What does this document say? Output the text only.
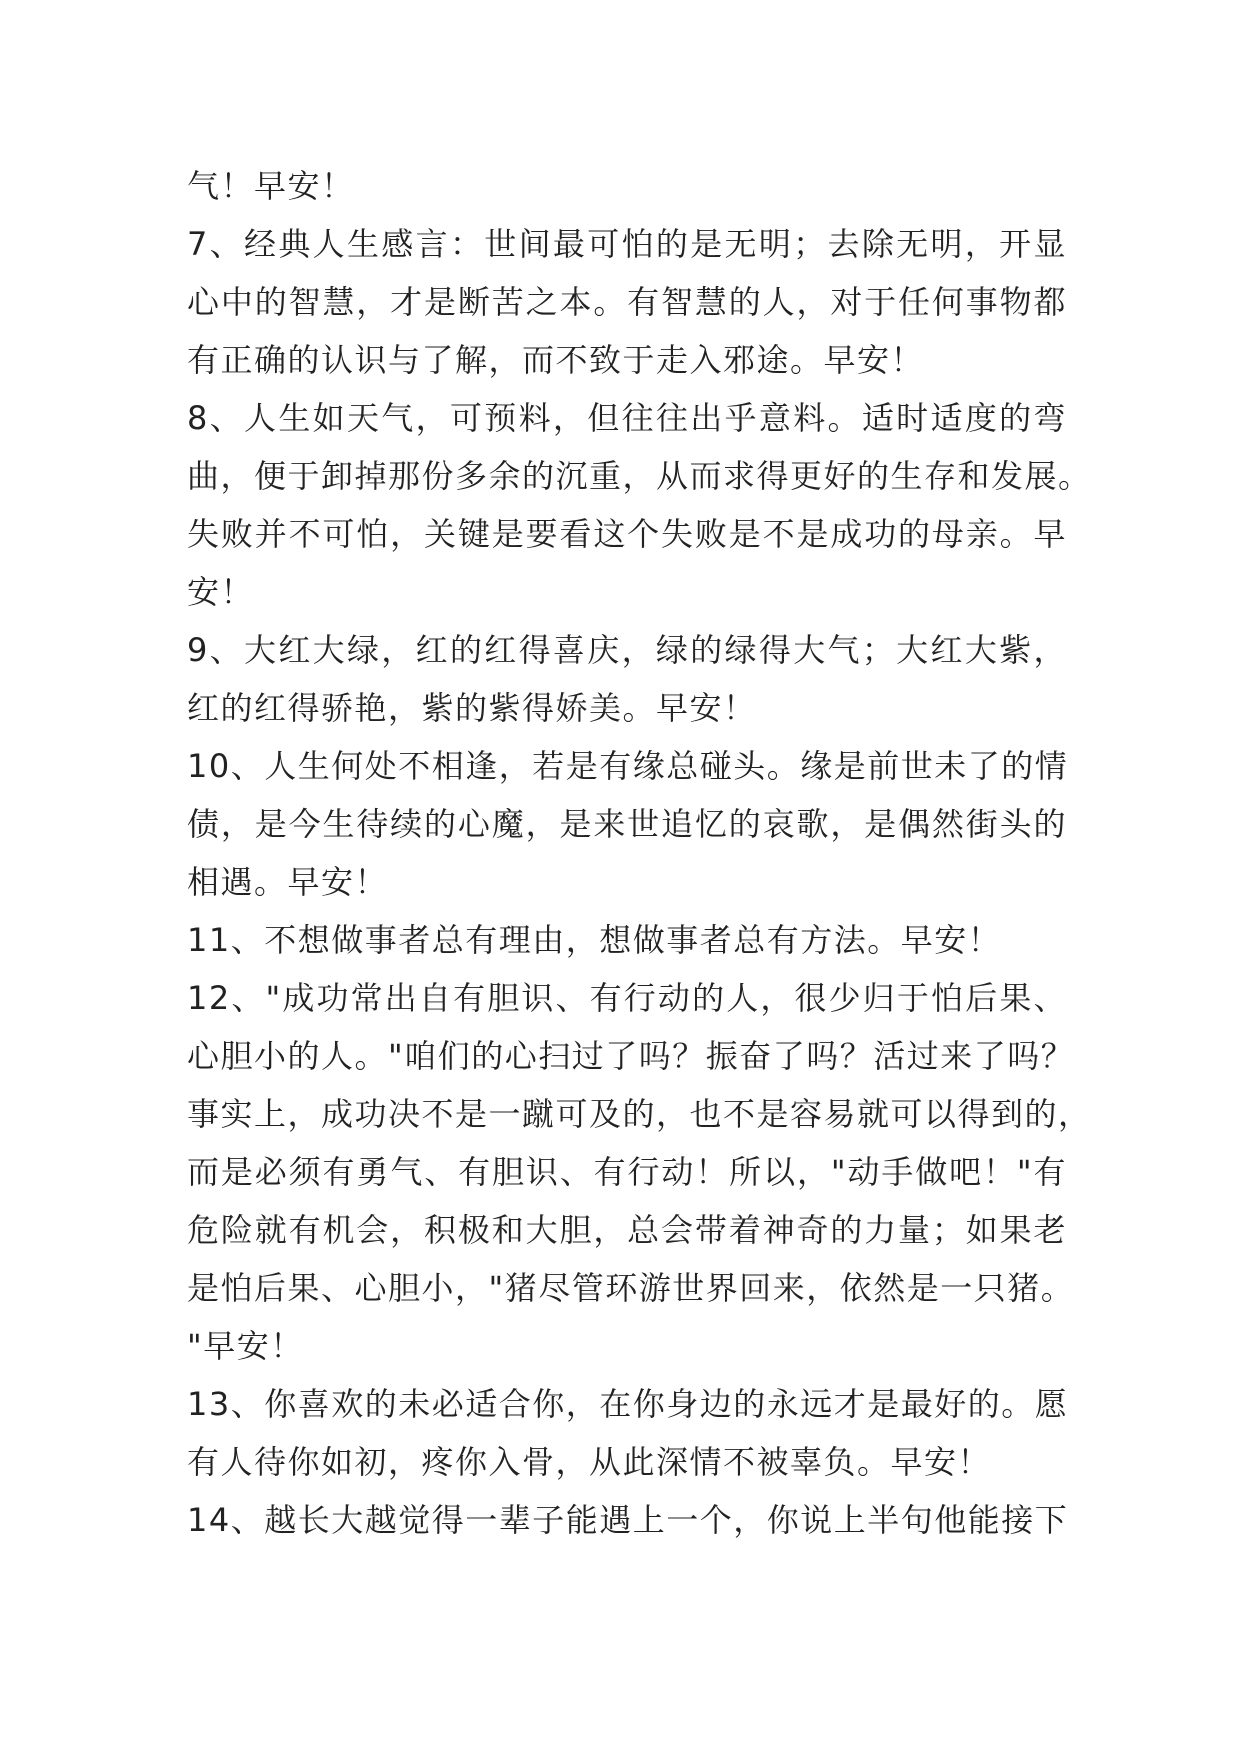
气！早安！
7、经典人生感言：世间最可怕的是无明；去除无明，开显
心中的智慧，才是断苦之本。有智慧的人，对于任何事物都
有正确的认识与了解，而不致于走入邪途。早安！
8、人生如天气，可预料，但往往出乎意料。适时适度的弯
曲，便于卸掉那份多余的沉重，从而求得更好的生存和发展。
失败并不可怕，关键是要看这个失败是不是成功的母亲。早
安！
9、大红大绿，红的红得喜庆，绿的绿得大气；大红大紫，
红的红得骄艳，紫的紫得娇美。早安！
10、人生何处不相逢，若是有缘总碰头。缘是前世未了的情
债，是今生待续的心魔，是来世追忆的哀歌，是偶然街头的
相遇。早安！
11、不想做事者总有理由，想做事者总有方法。早安！
12、"成功常出自有胆识、有行动的人，很少归于怕后果、
心胆小的人。"咱们的心扫过了吗？振奋了吗？活过来了吗？
事实上，成功决不是一蹴可及的，也不是容易就可以得到的，
而是必须有勇气、有胆识、有行动！所以，"动手做吧！"有
危险就有机会，积极和大胆，总会带着神奇的力量；如果老
是怕后果、心胆小，"猪尽管环游世界回来，依然是一只猪。
"早安！
13、你喜欢的未必适合你，在你身边的永远才是最好的。愿
有人待你如初，疼你入骨，从此深情不被辜负。早安！
14、越长大越觉得一辈子能遇上一个，你说上半句他能接下
